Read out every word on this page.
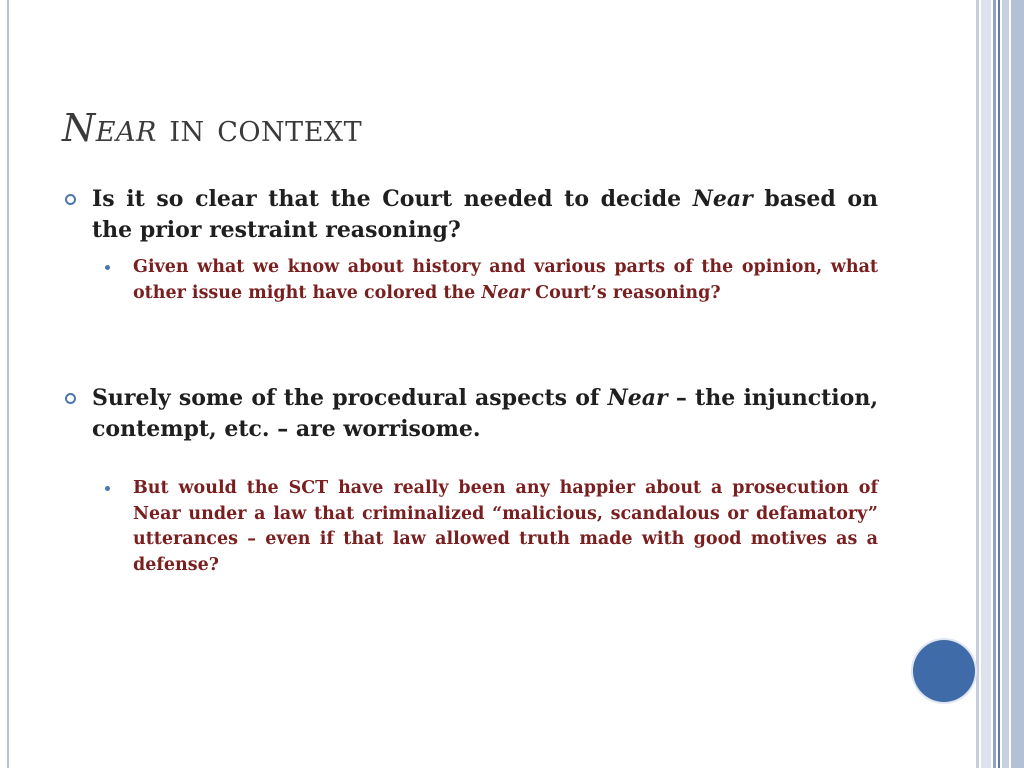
Near in context
Is it so clear that the Court needed to decide Near based on the prior restraint reasoning?
Given what we know about history and various parts of the opinion, what other issue might have colored the Near Court’s reasoning?
Surely some of the procedural aspects of Near – the injunction, contempt, etc. – are worrisome.
But would the SCT have really been any happier about a prosecution of Near under a law that criminalized “malicious, scandalous or defamatory” utterances – even if that law allowed truth made with good motives as a defense?
